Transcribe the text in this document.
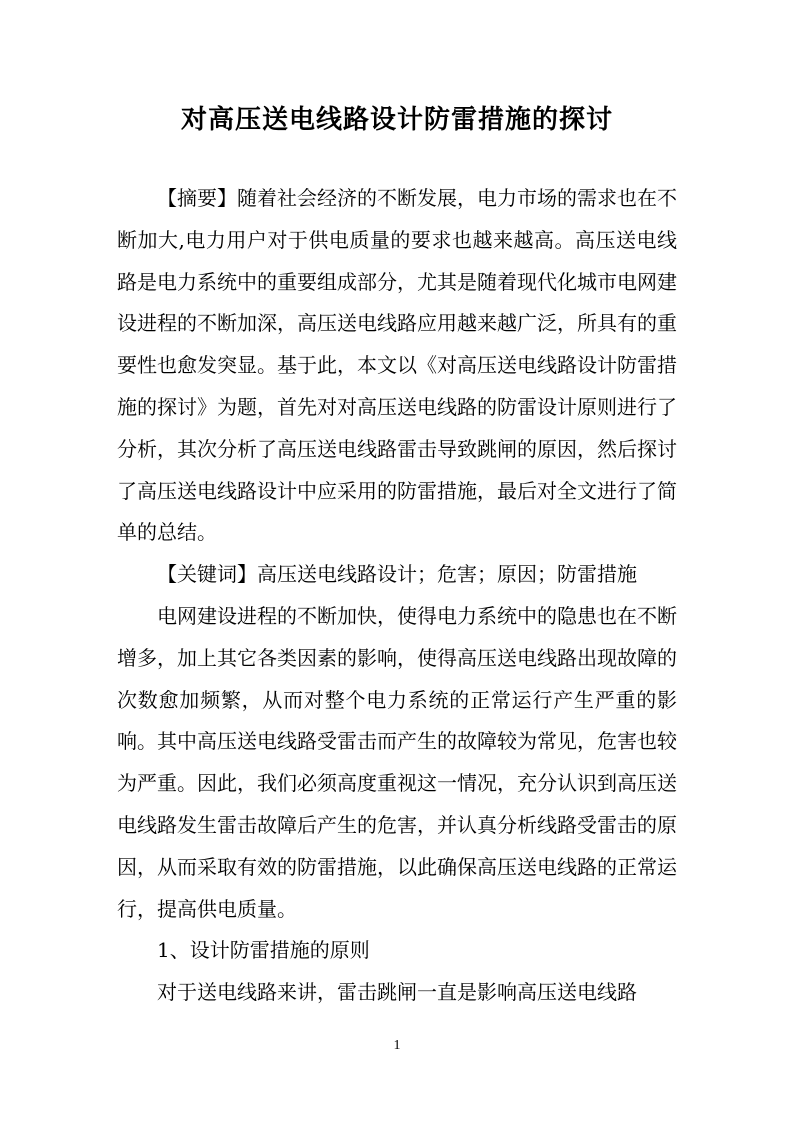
对高压送电线路设计防雷措施的探讨

【摘要】随着社会经济的不断发展，电力市场的需求也在不断加大,电力用户对于供电质量的要求也越来越高。高压送电线路是电力系统中的重要组成部分，尤其是随着现代化城市电网建设进程的不断加深，高压送电线路应用越来越广泛，所具有的重要性也愈发突显。基于此，本文以《对高压送电线路设计防雷措施的探讨》为题，首先对对高压送电线路的防雷设计原则进行了分析，其次分析了高压送电线路雷击导致跳闸的原因，然后探讨了高压送电线路设计中应采用的防雷措施，最后对全文进行了简单的总结。

【关键词】高压送电线路设计；危害；原因；防雷措施

电网建设进程的不断加快，使得电力系统中的隐患也在不断增多，加上其它各类因素的影响，使得高压送电线路出现故障的次数愈加频繁，从而对整个电力系统的正常运行产生严重的影响。其中高压送电线路受雷击而产生的故障较为常见，危害也较为严重。因此，我们必须高度重视这一情况，充分认识到高压送电线路发生雷击故障后产生的危害，并认真分析线路受雷击的原因，从而采取有效的防雷措施，以此确保高压送电线路的正常运行，提高供电质量。

1、设计防雷措施的原则

对于送电线路来讲，雷击跳闸一直是影响高压送电线路

1
